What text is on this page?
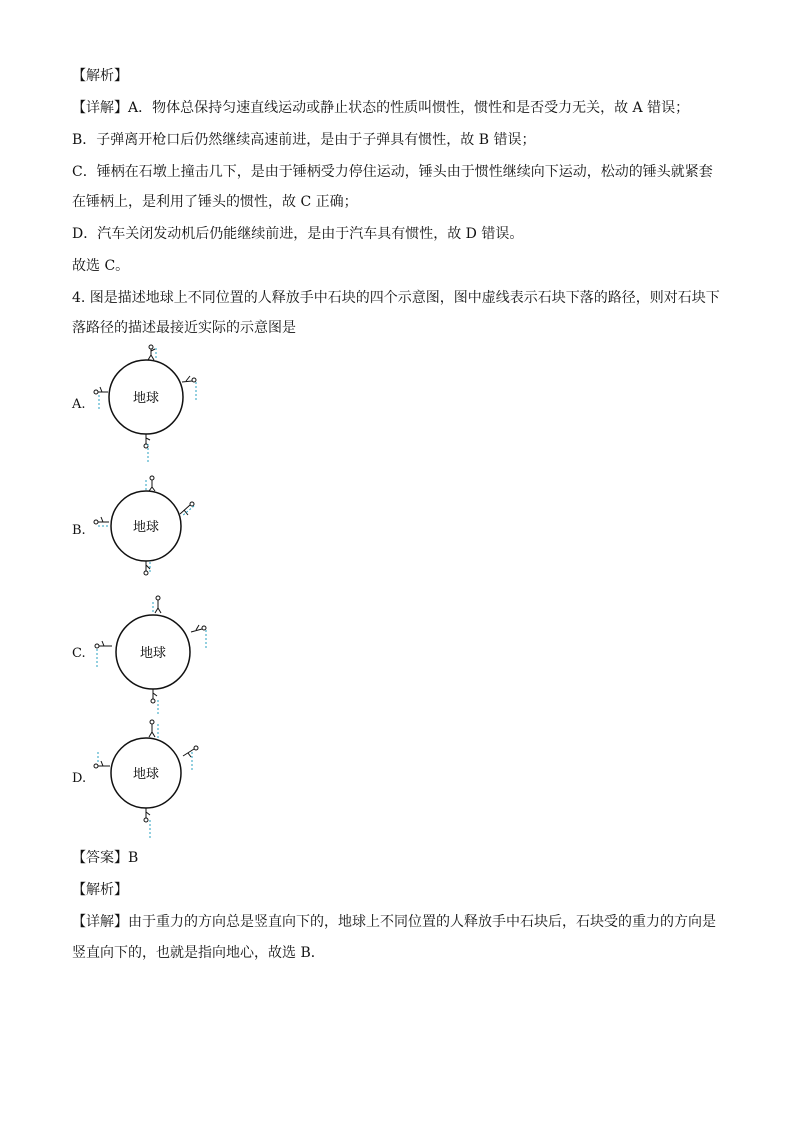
【解析】
【详解】A．物体总保持匀速直线运动或静止状态的性质叫惯性，惯性和是否受力无关，故 A 错误；
B．子弹离开枪口后仍然继续高速前进，是由于子弹具有惯性，故 B 错误；
C．锤柄在石墩上撞击几下，是由于锤柄受力停住运动，锤头由于惯性继续向下运动，松动的锤头就紧套
在锤柄上，是利用了锤头的惯性，故 C 正确；
D．汽车关闭发动机后仍能继续前进，是由于汽车具有惯性，故 D 错误。
故选 C。
4. 图是描述地球上不同位置的人释放手中石块的四个示意图，图中虚线表示石块下落的路径，则对石块下
落路径的描述最接近实际的示意图是
A.	地球
B.	地球
C.	地球
D.	地球
【答案】B
【解析】
【详解】由于重力的方向总是竖直向下的，地球上不同位置的人释放手中石块后，石块受的重力的方向是
竖直向下的，也就是指向地心，故选 B．
